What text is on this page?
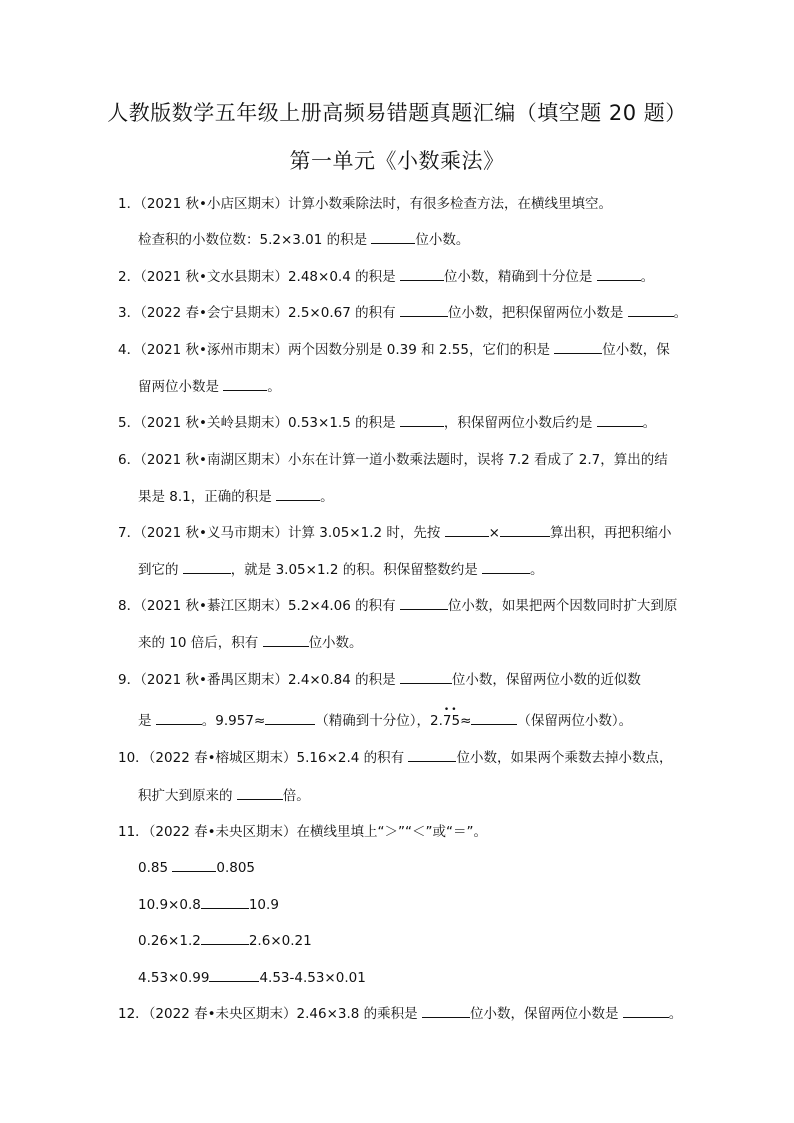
人教版数学五年级上册高频易错题真题汇编（填空题 20 题）
第一单元《小数乘法》
1．（2021 秋•小店区期末）计算小数乘除法时，有很多检查方法，在横线里填空。
检查积的小数位数：5.2×3.01 的积是	位小数。
2．（2021 秋•文水县期末）2.48×0.4 的积是	位小数，精确到十分位是	。
3．（2022 春•会宁县期末）2.5×0.67 的积有	位小数，把积保留两位小数是	。
4．（2021 秋•涿州市期末）两个因数分别是 0.39 和 2.55，它们的积是	位小数，保
留两位小数是	。
5．（2021 秋•关岭县期末）0.53×1.5 的积是	，积保留两位小数后约是	。
6．（2021 秋•南湖区期末）小东在计算一道小数乘法题时，误将 7.2 看成了 2.7，算出的结
果是 8.1，正确的积是	。
7．（2021 秋•义马市期末）计算 3.05×1.2 时，先按	×	算出积，再把积缩小
到它的	，就是 3.05×1.2 的积。积保留整数约是	。
8．（2021 秋•綦江区期末）5.2×4.06 的积有	位小数，如果把两个因数同时扩大到原
来的 10 倍后，积有	位小数。
9．（2021 秋•番禺区期末）2.4×0.84 的积是	位小数，保留两位小数的近似数
是	。9.957≈	（精确到十分位），2.
••
75≈	（保留两位小数）。
10．（2022 春•榕城区期末）5.16×2.4 的积有	位小数，如果两个乘数去掉小数点，
积扩大到原来的	倍。
11．（2022 春•未央区期末）在横线里填上“＞”“＜”或“＝”。
0.85	0.805
10.9×0.8	10.9
0.26×1.2	2.6×0.21
4.53×0.99	4.53-4.53×0.01
12．（2022 春•未央区期末）2.46×3.8 的乘积是	位小数，保留两位小数是	。
